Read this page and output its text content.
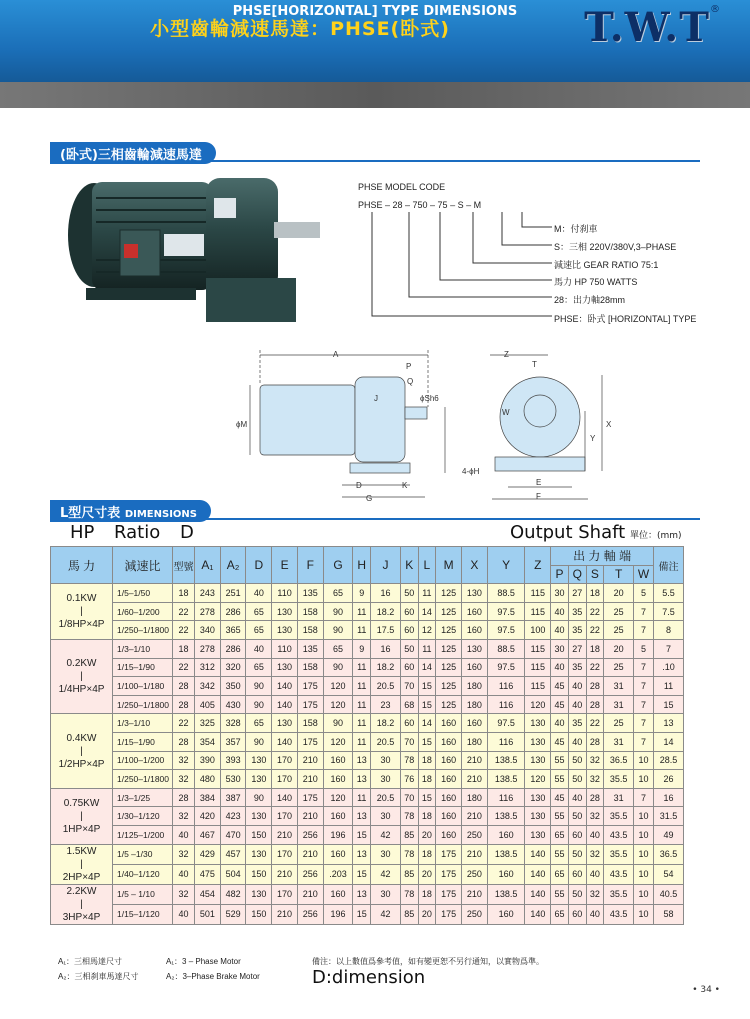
小型齒輪減速馬達：PHSE(卧式)	T.W.T ®
PHSE[HORIZONTAL] TYPE DIMENSIONS
(卧式)三相齒輪減速馬達
PHSE MODEL CODE
PHSE – 28 – 750 – 75 – S – M
M：付刹車
S：三相 220V/380V,3–PHASE
減速比 GEAR RATIO 75:1
馬力 HP 750 WATTS
28：出力軸28mm
PHSE：卧式 [HORIZONTAL] TYPE
A
P
Q
J	ϕSh6
ϕM
D	K
G
Z
T
W
X
Y
4-ϕH
E
F
L型尺寸表 DIMENSIONS
HP Ratio D	Output Shaft 單位：(mm)
馬 力	減速比	型號	A₁	A₂	D	E	F	G	H	J	K	L	M	X	Y	Z	出 力 軸 端					備注
																	P	Q	S	T	W	

0.1KW
|
1/8HP×4P	1/5–1/50	18	243	251	40	110	135	65	9	16	50	11	125	130	88.5	115	30	27	18	20	5	5.5
	1/60–1/200	22	278	286	65	130	158	90	11	18.2	60	14	125	160	97.5	115	40	35	22	25	7	7.5
	1/250–1/1800	22	340	365	65	130	158	90	11	17.5	60	12	125	160	97.5	100	40	35	22	25	7	8

0.2KW
|
1/4HP×4P	1/3–1/10	18	278	286	40	110	135	65	9	16	50	11	125	130	88.5	115	30	27	18	20	5	7
	1/15–1/90	22	312	320	65	130	158	90	11	18.2	60	14	125	160	97.5	115	40	35	22	25	7	.10
	1/100–1/180	28	342	350	90	140	175	120	11	20.5	70	15	125	180	116	115	45	40	28	31	7	11
	1/250–1/1800	28	405	430	90	140	175	120	11	23	68	15	125	180	116	120	45	40	28	31	7	15

0.4KW
|
1/2HP×4P	1/3–1/10	22	325	328	65	130	158	90	11	18.2	60	14	160	160	97.5	130	40	35	22	25	7	13
	1/15–1/90	28	354	357	90	140	175	120	11	20.5	70	15	160	180	116	130	45	40	28	31	7	14
	1/100–1/200	32	390	393	130	170	210	160	13	30	78	18	160	210	138.5	130	55	50	32	36.5	10	28.5
	1/250–1/1800	32	480	530	130	170	210	160	13	30	76	18	160	210	138.5	120	55	50	32	35.5	10	26

0.75KW
|
1HP×4P	1/3–1/25	28	384	387	90	140	175	120	11	20.5	70	15	160	180	116	130	45	40	28	31	7	16
	1/30–1/120	32	420	423	130	170	210	160	13	30	78	18	160	210	138.5	130	55	50	32	35.5	10	31.5
	1/125–1/200	40	467	470	150	210	256	196	15	42	85	20	160	250	160	130	65	60	40	43.5	10	49

1.5KW
|
2HP×4P	1/5 –1/30	32	429	457	130	170	210	160	13	30	78	18	175	210	138.5	140	55	50	32	35.5	10	36.5
	1/40–1/120	40	475	504	150	210	256	.203	15	42	85	20	175	250	160	140	65	60	40	43.5	10	54

2.2KW
|
3HP×4P	1/5 – 1/10	32	454	482	130	170	210	160	13	30	78	18	175	210	138.5	140	55	50	32	35.5	10	40.5
	1/15–1/120	40	501	529	150	210	256	196	15	42	85	20	175	250	160	140	65	60	40	43.5	10	58
A₁：三相馬達尺寸	A₁：3 – Phase Motor
A₂：三相刹車馬達尺寸	A₂：3–Phase Brake Motor
備注：以上數值爲參考值，如有變更恕不另行通知，以實物爲準。
D:dimension
• 34 •
